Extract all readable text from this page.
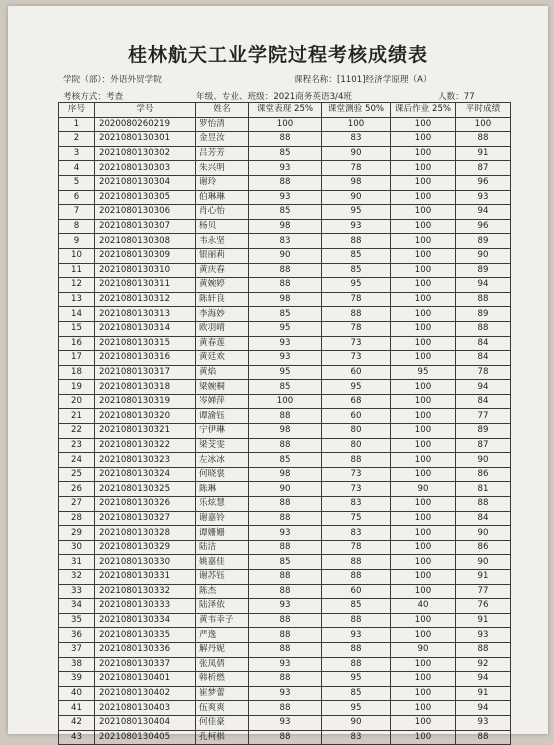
桂林航天工业学院过程考核成绩表
学院（部）：外语外贸学院	课程名称：[1101]经济学原理（A）
考核方式：考查	年级、专业、班级：2021商务英语3/4班	人数：77
序号	学号	姓名	课堂表现 25%	课堂测验 50%	课后作业 25%	平时成绩
1	2020080260219	罗怡清	100	100	100	100
2	2021080130301	金昱汝	88	83	100	88
3	2021080130302	吕芳芳	85	90	100	91
4	2021080130303	朱兴明	93	78	100	87
5	2021080130304	谢玲	88	98	100	96
6	2021080130305	伯琳琳	93	90	100	93
7	2021080130306	肖心怡	85	95	100	94
8	2021080130307	杨贝	98	93	100	96
9	2021080130308	韦永坚	83	88	100	89
10	2021080130309	银丽莉	90	85	100	90
11	2021080130310	黄庆春	88	85	100	89
12	2021080130311	黄婉婷	88	95	100	94
13	2021080130312	陈轩良	98	78	100	88
14	2021080130313	李海妙	85	88	100	89
15	2021080130314	欧羽晴	95	78	100	88
16	2021080130315	黄春莲	93	73	100	84
17	2021080130316	黄廷欢	93	73	100	84
18	2021080130317	黄焰	95	60	95	78
19	2021080130318	梁婉桐	85	95	100	94
20	2021080130319	岑婵萍	100	68	100	84
21	2021080130320	谭渝钰	88	60	100	77
22	2021080130321	宁伊琳	98	80	100	89
23	2021080130322	梁芠雯	88	80	100	87
24	2021080130323	左冰冰	85	88	100	90
25	2021080130324	何晓裳	98	73	100	86
26	2021080130325	陈琳	90	73	90	81
27	2021080130326	乐炫慧	88	83	100	88
28	2021080130327	谢嘉铃	88	75	100	84
29	2021080130328	谭姗姗	93	83	100	90
30	2021080130329	陆洁	88	78	100	86
31	2021080130330	姚嘉佳	85	88	100	90
32	2021080130331	谢苏钰	88	88	100	91
33	2021080130332	陈杰	88	60	100	77
34	2021080130333	陆泽依	93	85	40	76
35	2021080130334	黄韦幸子	88	88	100	91
36	2021080130335	严逸	88	93	100	93
37	2021080130336	解丹妮	88	88	90	88
38	2021080130337	张凤倩	93	88	100	92
39	2021080130401	韩析燃	88	95	100	94
40	2021080130402	崔梦蕾	93	85	100	91
41	2021080130403	伍爽爽	88	95	100	94
42	2021080130404	何佳豪	93	90	100	93
43	2021080130405	孔柯棋	88	83	100	88
